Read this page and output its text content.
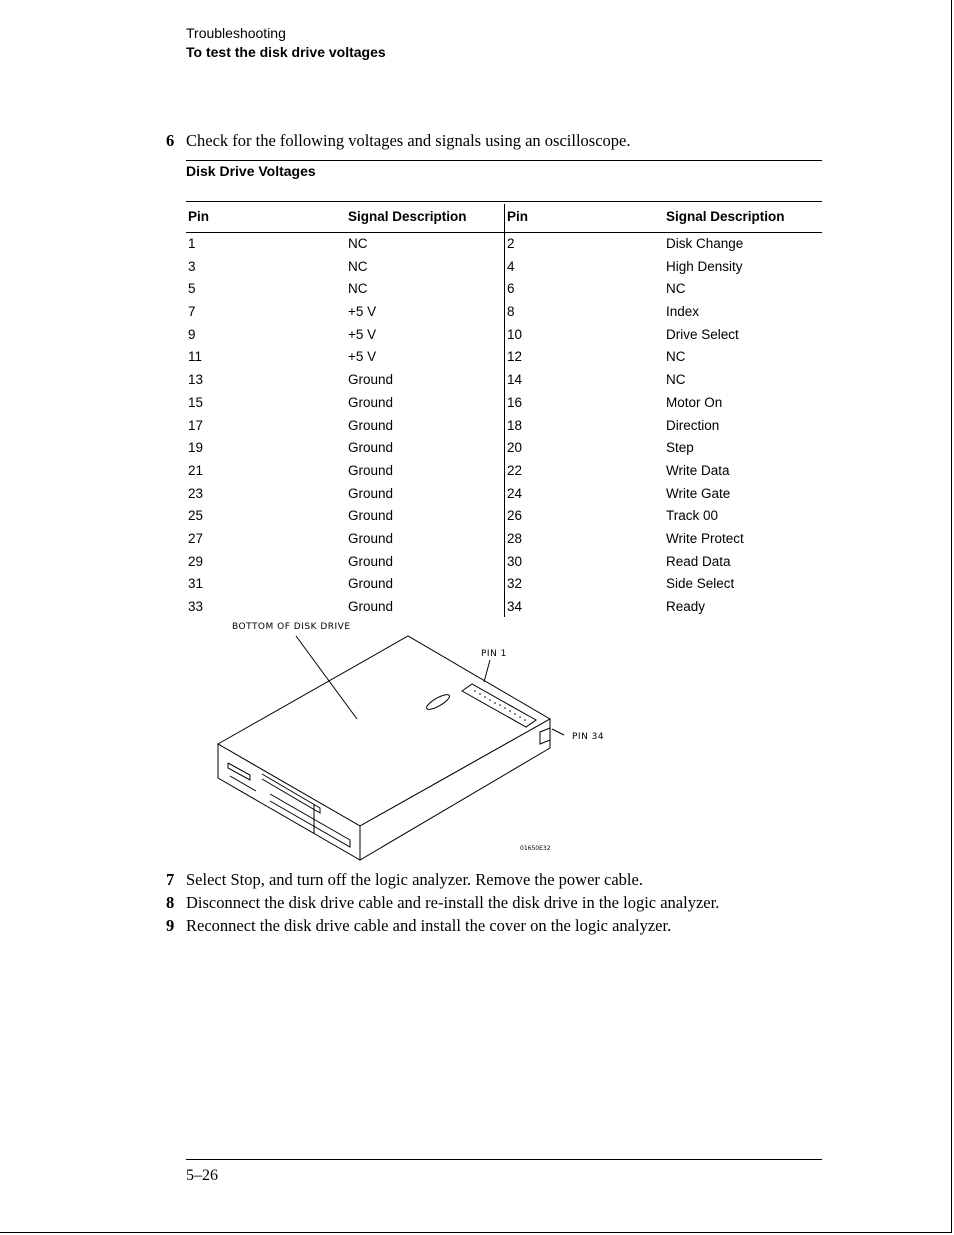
Troubleshooting
To test the disk drive voltages
6 Check for the following voltages and signals using an oscilloscope.
Disk Drive Voltages
Pin	Signal Description	Pin	Signal Description
1	NC	2	Disk Change
3	NC	4	High Density
5	NC	6	NC
7	+5 V	8	Index
9	+5 V	10	Drive Select
11	+5 V	12	NC
13	Ground	14	NC
15	Ground	16	Motor On
17	Ground	18	Direction
19	Ground	20	Step
21	Ground	22	Write Data
23	Ground	24	Write Gate
25	Ground	26	Track 00
27	Ground	28	Write Protect
29	Ground	30	Read Data
31	Ground	32	Side Select
33	Ground	34	Ready
BOTTOM OF DISK DRIVE
PIN 1
PIN 34
01650E32
7 Select Stop, and turn off the logic analyzer. Remove the power cable.
8 Disconnect the disk drive cable and re-install the disk drive in the logic analyzer.
9 Reconnect the disk drive cable and install the cover on the logic analyzer.
5–26
